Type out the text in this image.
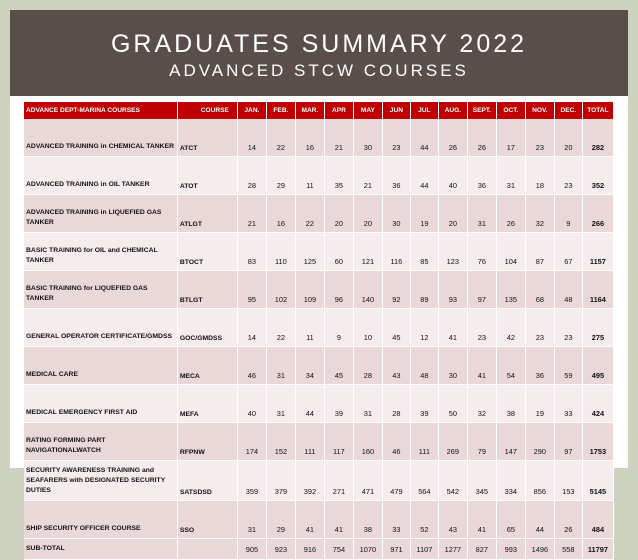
GRADUATES SUMMARY 2022
ADVANCED STCW COURSES
ADVANCE DEPT-MARINA COURSES	COURSE	JAN.	FEB.	MAR.	APR	MAY	JUN	JUL	AUG.	SEPT.	OCT.	NOV.	DEC.	TOTAL
ADVANCED TRAINING in CHEMICAL TANKER	ATCT	14	22	16	21	30	23	44	26	26	17	23	20	282
ADVANCED TRAINING in OIL TANKER	ATOT	28	29	11	35	21	36	44	40	36	31	18	23	352
ADVANCED TRAINING in LIQUEFIED GAS TANKER	ATLGT	21	16	22	20	20	30	19	20	31	26	32	9	266
BASIC TRAINING for OIL and CHEMICAL TANKER	BTOCT	83	110	125	60	121	116	85	123	76	104	87	67	1157
BASIC TRAINING for LIQUEFIED GAS TANKER	BTLGT	95	102	109	96	140	92	89	93	97	135	68	48	1164
GENERAL OPERATOR CERTIFICATE/GMDSS	GOC/GMDSS	14	22	11	9	10	45	12	41	23	42	23	23	275
MEDICAL CARE	MECA	46	31	34	45	28	43	48	30	41	54	36	59	495
MEDICAL EMERGENCY FIRST AID	MEFA	40	31	44	39	31	28	39	50	32	38	19	33	424
RATING FORMING PART NAVIGATIONALWATCH	RFPNW	174	152	111	117	160	46	111	269	79	147	290	97	1753
SECURITY AWARENESS TRAINING and SEAFARERS with DESIGNATED SECURITY DUTIES	SATSDSD	359	379	392	271	471	479	564	542	345	334	856	153	5145
SHIP SECURITY OFFICER COURSE	SSO	31	29	41	41	38	33	52	43	41	65	44	26	484
SUB-TOTAL		905	923	916	754	1070	971	1107	1277	827	993	1496	558	11797
